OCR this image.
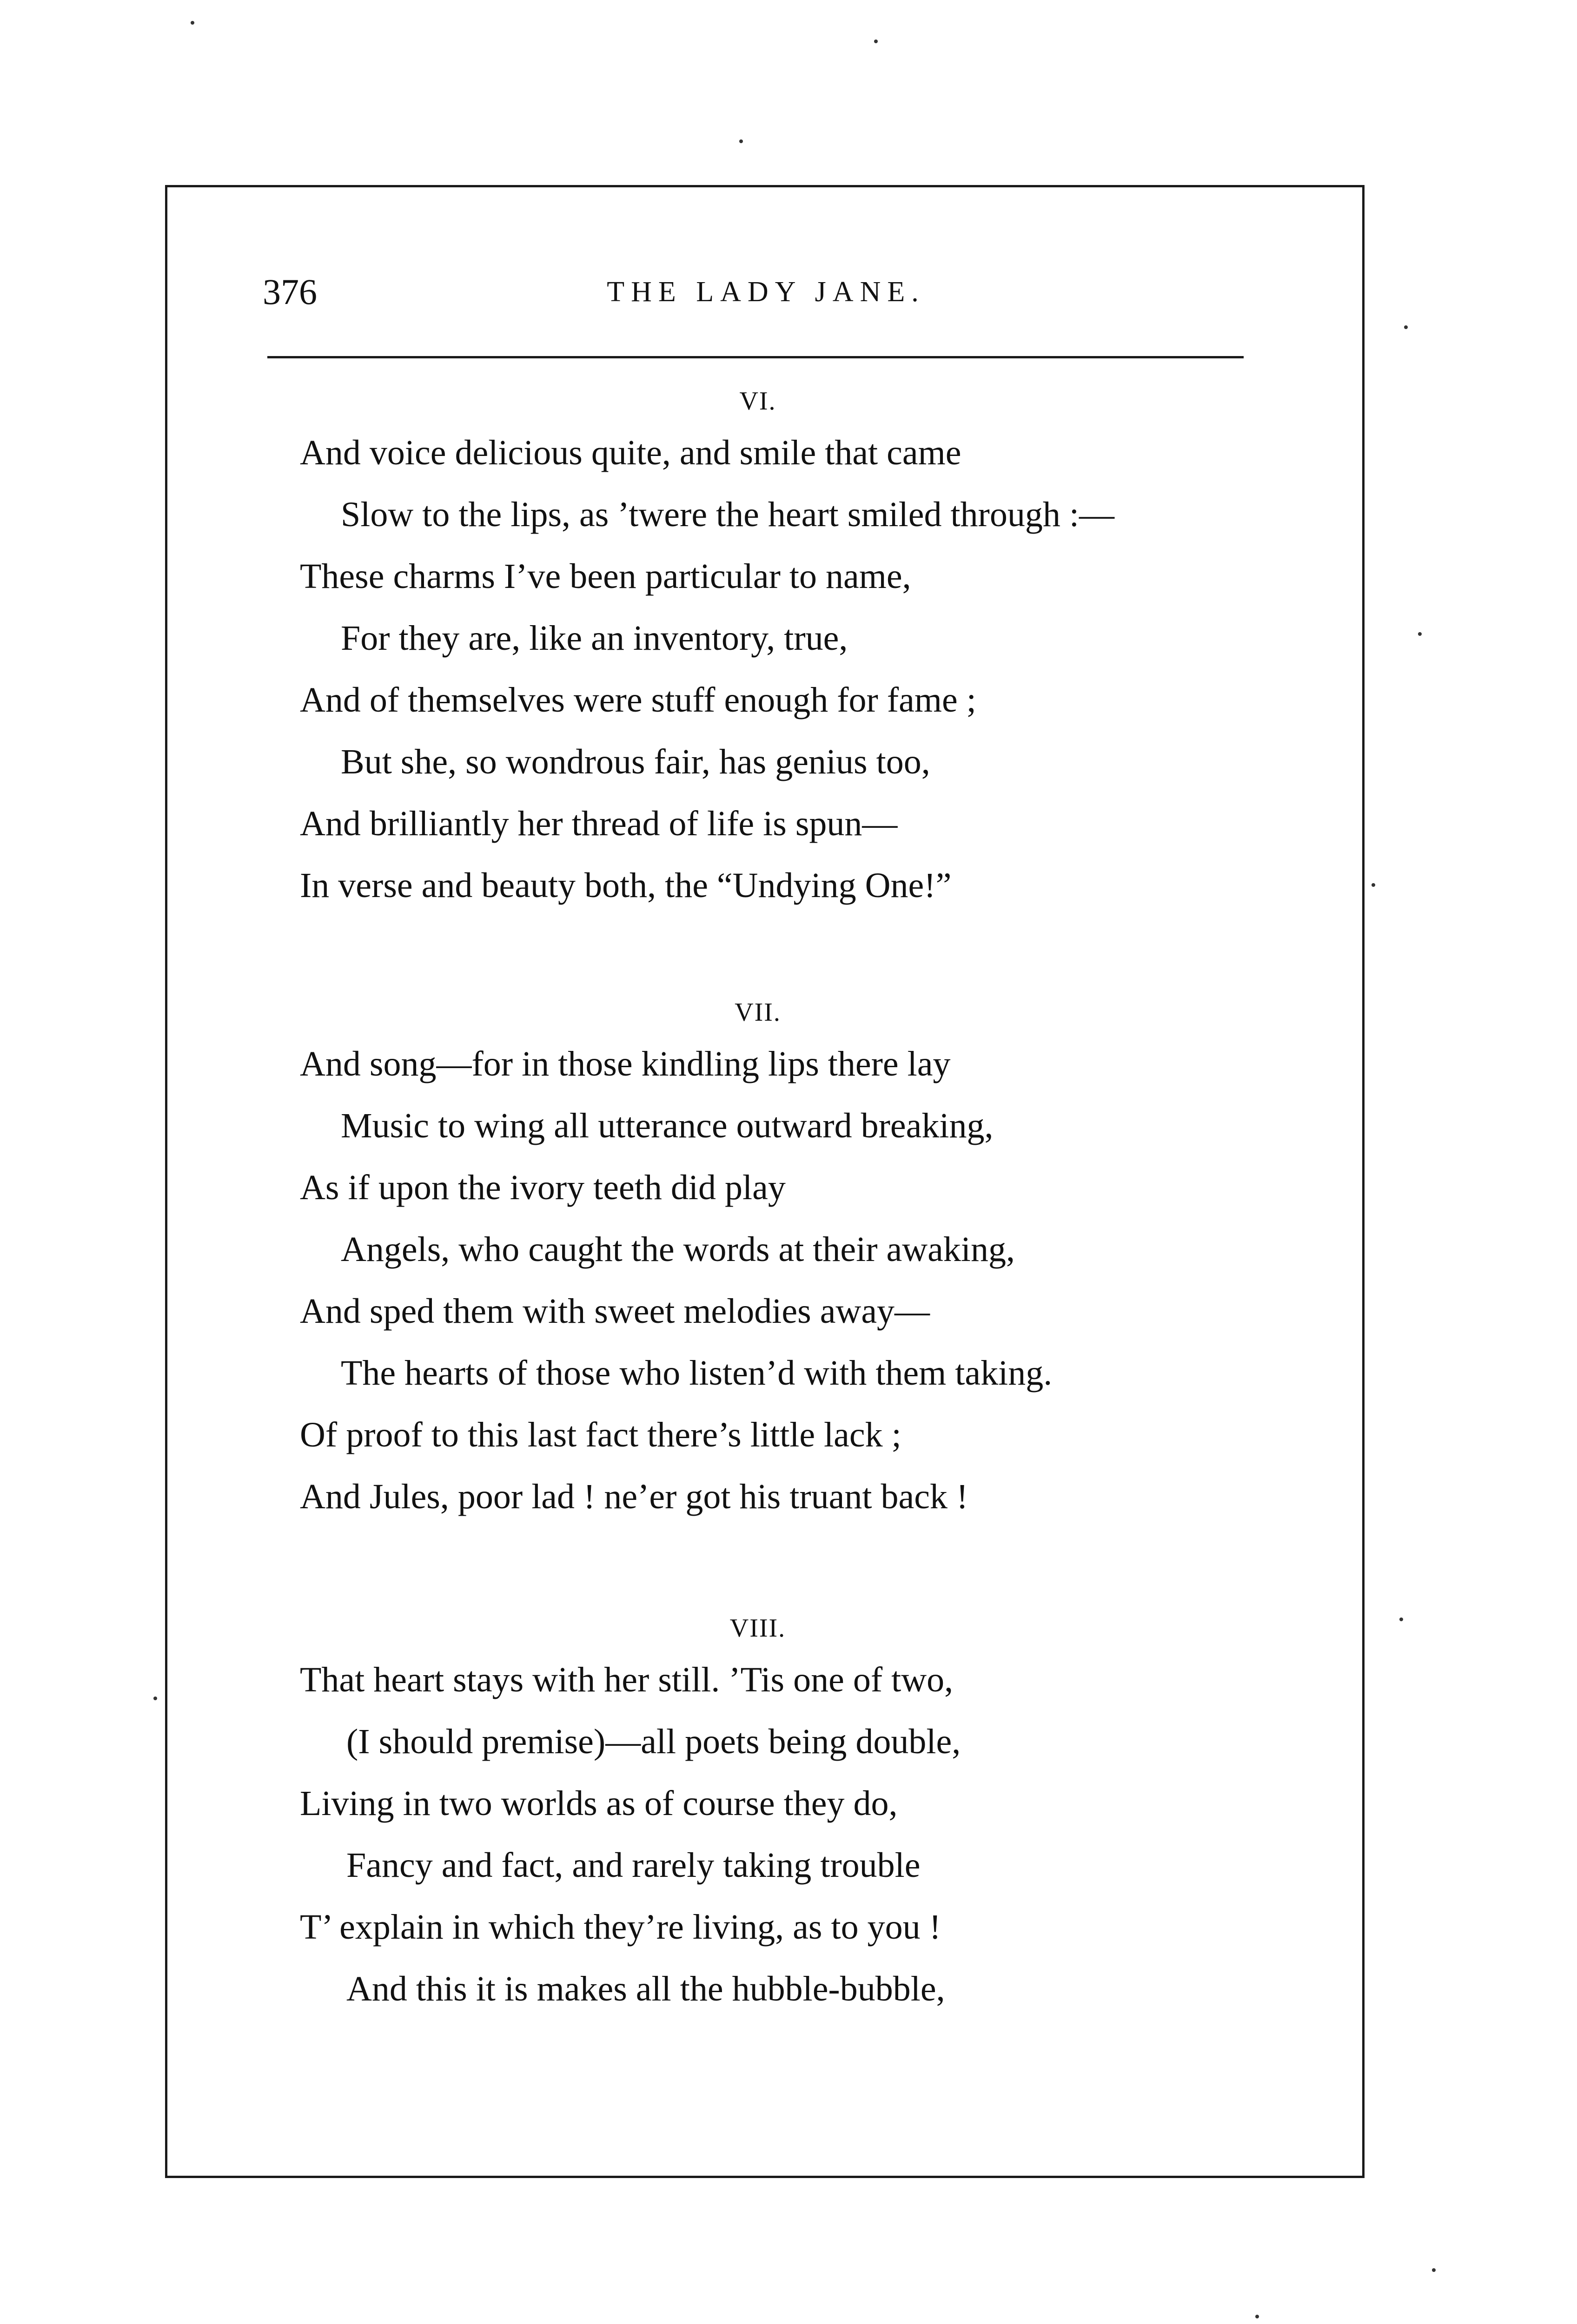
376	THE LADY JANE.
VI.
And voice delicious quite, and smile that came
Slow to the lips, as ’twere the heart smiled through :—
These charms I’ve been particular to name,
For they are, like an inventory, true,
And of themselves were stuff enough for fame ;
But she, so wondrous fair, has genius too,
And brilliantly her thread of life is spun—
In verse and beauty both, the “Undying One!”
VII.
And song—for in those kindling lips there lay
Music to wing all utterance outward breaking,
As if upon the ivory teeth did play
Angels, who caught the words at their awaking,
And sped them with sweet melodies away—
The hearts of those who listen’d with them taking.
Of proof to this last fact there’s little lack ;
And Jules, poor lad ! ne’er got his truant back !
VIII.
That heart stays with her still. ’Tis one of two,
(I should premise)—all poets being double,
Living in two worlds as of course they do,
Fancy and fact, and rarely taking trouble
T’ explain in which they’re living, as to you !
And this it is makes all the hubble-bubble,
